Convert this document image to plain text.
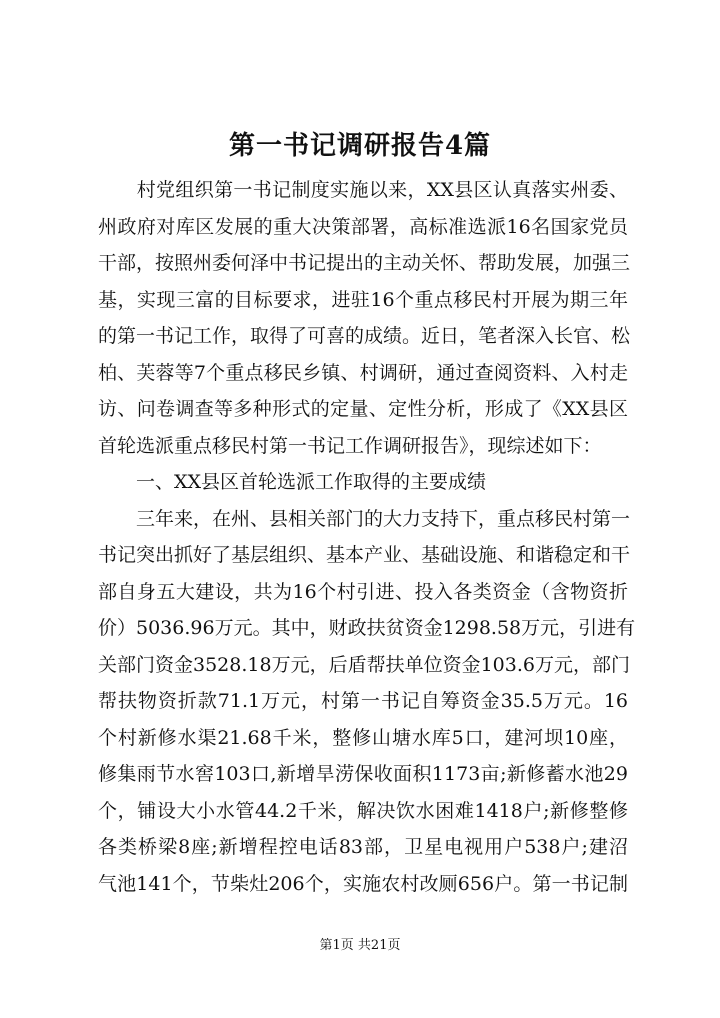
第一书记调研报告4篇
　　村党组织第一书记制度实施以来，XX县区认真落实州委、
州政府对库区发展的重大决策部署，高标准选派16名国家党员
干部，按照州委何泽中书记提出的主动关怀、帮助发展，加强三
基，实现三富的目标要求，进驻16个重点移民村开展为期三年
的第一书记工作，取得了可喜的成绩。近日，笔者深入长官、松
柏、芙蓉等7个重点移民乡镇、村调研，通过查阅资料、入村走
访、问卷调查等多种形式的定量、定性分析，形成了《XX县区
首轮选派重点移民村第一书记工作调研报告》，现综述如下：
　　一、XX县区首轮选派工作取得的主要成绩
　　三年来，在州、县相关部门的大力支持下，重点移民村第一
书记突出抓好了基层组织、基本产业、基础设施、和谐稳定和干
部自身五大建设，共为16个村引进、投入各类资金（含物资折
价）5036.96万元。其中，财政扶贫资金1298.58万元，引进有
关部门资金3528.18万元，后盾帮扶单位资金103.6万元，部门
帮扶物资折款71.1万元，村第一书记自筹资金35.5万元。16
个村新修水渠21.68千米，整修山塘水库5口，建河坝10座，
修集雨节水窖103口,新增旱涝保收面积1173亩;新修蓄水池29
个，铺设大小水管44.2千米，解决饮水困难1418户;新修整修
各类桥梁8座;新增程控电话83部，卫星电视用户538户;建沼
气池141个，节柴灶206个，实施农村改厕656户。第一书记制
第1页 共21页
